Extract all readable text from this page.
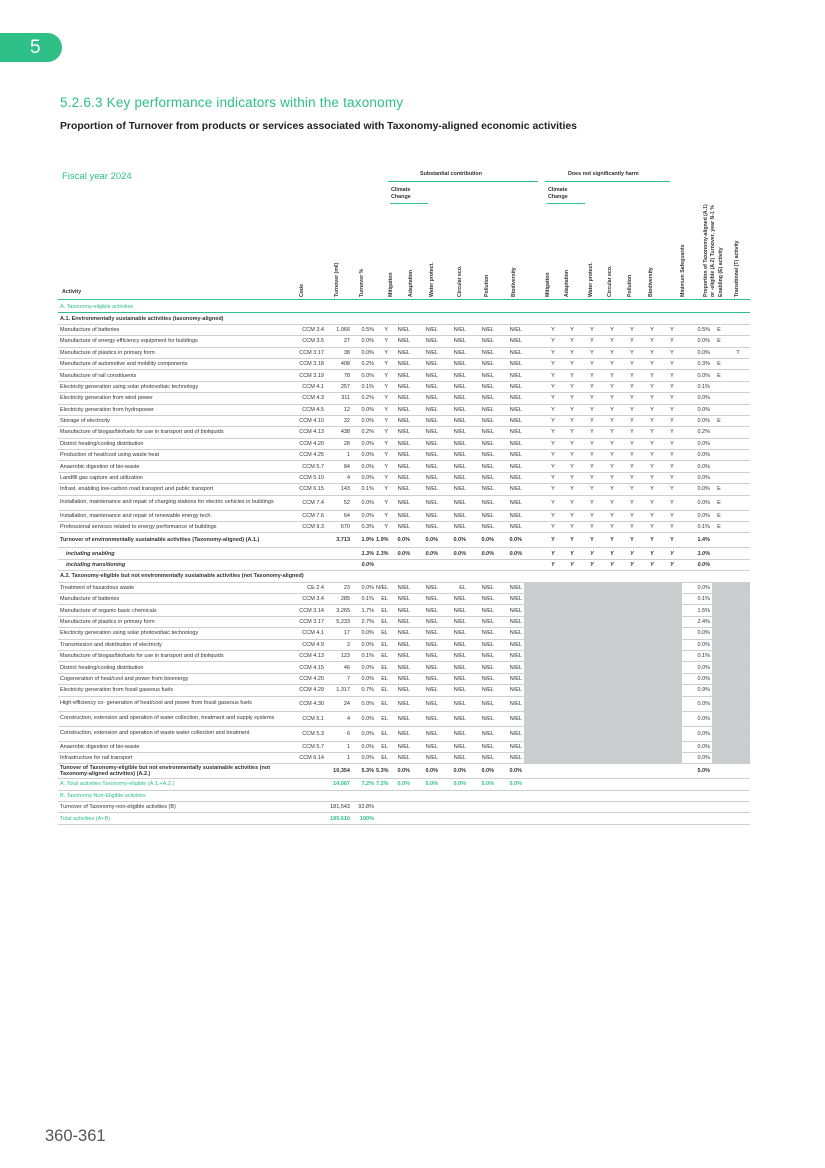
5
5.2.6.3 Key performance indicators within the taxonomy
Proportion of Turnover from products or services associated with Taxonomy-aligned economic activities
Fiscal year 2024	Substantial contribution	Does not significantly harm
Climate
Change
Climate
Change
Activity	Code	Turnover (m€)	Turnover %	Mitigation	Adaptation	Water protect.	Circular eco.	Pollution	Biodiversity	Mitigation	Adaptation	Water protect.	Circular eco.	Pollution	Biodiversity	Minimum Safeguards	Proportion of Taxonomy-aligned (A.1) or -eligible (A.2) Turnover, year N-1 % Enabling (E) activity Transitional (T) activity
A. Taxonomy-eligible activities																				
A.1. Environmentally sustainable activities (taxonomy-aligned)																				
Manufacture of batteries	CCM 3.4	1,066	0.5%	Y	N/EL	N/EL	N/EL	N/EL	N/EL		Y	Y	Y	Y	Y	Y	Y	0.5%	E	
Manufacture of energy efficiency equipment for buildings	CCM 3.5	27	0.0%	Y	N/EL	N/EL	N/EL	N/EL	N/EL		Y	Y	Y	Y	Y	Y	Y	0.0%	E	
Manufacture of plastics in primary form	CCM 3.17	38	0.0%	Y	N/EL	N/EL	N/EL	N/EL	N/EL		Y	Y	Y	Y	Y	Y	Y	0.0%		T
Manufacture of automotive and mobility components	CCM 3.18	408	0.2%	Y	N/EL	N/EL	N/EL	N/EL	N/EL		Y	Y	Y	Y	Y	Y	Y	0.3%	E	
Manufacture of rail constituents	CCM 3.19	78	0.0%	Y	N/EL	N/EL	N/EL	N/EL	N/EL		Y	Y	Y	Y	Y	Y	Y	0.0%	E	
Electricity generation using solar photovoltaic technology	CCM 4.1	257	0.1%	Y	N/EL	N/EL	N/EL	N/EL	N/EL		Y	Y	Y	Y	Y	Y	Y	0.1%		
Electricity generation from wind power	CCM 4.3	311	0.2%	Y	N/EL	N/EL	N/EL	N/EL	N/EL		Y	Y	Y	Y	Y	Y	Y	0.0%		
Electricity generation from hydropower	CCM 4.5	12	0.0%	Y	N/EL	N/EL	N/EL	N/EL	N/EL		Y	Y	Y	Y	Y	Y	Y	0.0%		
Storage of electricity	CCM 4.10	32	0.0%	Y	N/EL	N/EL	N/EL	N/EL	N/EL		Y	Y	Y	Y	Y	Y	Y	0.0%	E	
Manufacture of biogas/biofuels for use in transport and of bioliquids	CCM 4.13	438	0.2%	Y	N/EL	N/EL	N/EL	N/EL	N/EL		Y	Y	Y	Y	Y	Y	Y	0.2%		
District heating/cooling distribution	CCM 4.20	28	0.0%	Y	N/EL	N/EL	N/EL	N/EL	N/EL		Y	Y	Y	Y	Y	Y	Y	0.0%		
Production of heat/cool using waste heat	CCM 4.25	1	0.0%	Y	N/EL	N/EL	N/EL	N/EL	N/EL		Y	Y	Y	Y	Y	Y	Y	0.0%		
Anaerobic digestion of bio-waste	CCM 5.7	84	0.0%	Y	N/EL	N/EL	N/EL	N/EL	N/EL		Y	Y	Y	Y	Y	Y	Y	0.0%		
Landfill gas capture and utilization	CCM 5.10	4	0.0%	Y	N/EL	N/EL	N/EL	N/EL	N/EL		Y	Y	Y	Y	Y	Y	Y	0.0%		
Infrast. enabling low-carbon road transport and public transport	CCM 6.15	143	0.1%	Y	N/EL	N/EL	N/EL	N/EL	N/EL		Y	Y	Y	Y	Y	Y	Y	0.0%	E	
Installation, maintenance and repair of charging stations for electric vehicles in buildings	CCM 7.4	52	0.0%	Y	N/EL	N/EL	N/EL	N/EL	N/EL		Y	Y	Y	Y	Y	Y	Y	0.0%	E	
Installation, maintenance and repair of renewable energy tech.	CCM 7.6	64	0.0%	Y	N/EL	N/EL	N/EL	N/EL	N/EL		Y	Y	Y	Y	Y	Y	Y	0.0%	E	
Professional services related to energy performance of buildings	CCM 9.3	670	0.3%	Y	N/EL	N/EL	N/EL	N/EL	N/EL		Y	Y	Y	Y	Y	Y	Y	0.1%	E	
Turnover of environmentally sustainable activities (Taxonomy-aligned) (A.1.)		3,713	1.9%	1.9%	0.0%	0.0%	0.0%	0.0%	0.0%		Y	Y	Y	Y	Y	Y	Y	1.4%		
including enabling			1.3%	1.3%	0.0%	0.0%	0.0%	0.0%	0.0%		Y	Y	Y	Y	Y	Y	Y	1.0%		
including transitioning			0.0%								Y	Y	Y	Y	Y	Y	Y	0.0%		
A.2. Taxonomy-eligible but not environmentally sustainable activities (not Taxonomy-aligned)																				
Treatment of hazardous waste	CE 2.4	23	0.0%	N/EL	N/EL	N/EL	EL	N/EL	N/EL									0.0%		
Manufacture of batteries	CCM 3.4	285	0.1%	EL	N/EL	N/EL	N/EL	N/EL	N/EL									0.1%		
Manufacture of organic basic chemicals	CCM 3.14	3,265	1.7%	EL	N/EL	N/EL	N/EL	N/EL	N/EL									1.5%		
Manufacture of plastics in primary form	CCM 3.17	5,233	2.7%	EL	N/EL	N/EL	N/EL	N/EL	N/EL									2.4%		
Electricity generation using solar photovoltaic technology	CCM 4.1	17	0.0%	EL	N/EL	N/EL	N/EL	N/EL	N/EL									0.0%		
Transmission and distribution of electricity	CCM 4.9	2	0.0%	EL	N/EL	N/EL	N/EL	N/EL	N/EL									0.0%		
Manufacture of biogas/biofuels for use in transport and of bioliquids	CCM 4.13	123	0.1%	EL	N/EL	N/EL	N/EL	N/EL	N/EL									0.1%		
District heating/cooling distribution	CCM 4.15	46	0.0%	EL	N/EL	N/EL	N/EL	N/EL	N/EL									0.0%		
Cogeneration of heat/cool and power from bioenergy	CCM 4.20	7	0.0%	EL	N/EL	N/EL	N/EL	N/EL	N/EL									0.0%		
Electricity generation from fossil gaseous fuels	CCM 4.29	1,317	0.7%	EL	N/EL	N/EL	N/EL	N/EL	N/EL									0.9%		
High-efficiency co- generation of heat/cool and power from fossil gaseous fuels	CCM 4.30	24	0.0%	EL	N/EL	N/EL	N/EL	N/EL	N/EL									0.0%		
Construction, extension and operation of water collection, treatment and supply systems	CCM 5.1	4	0.0%	EL	N/EL	N/EL	N/EL	N/EL	N/EL									0.0%		
Construction, extension and operation of waste water collection and treatment	CCM 5.3	6	0.0%	EL	N/EL	N/EL	N/EL	N/EL	N/EL									0.0%		
Anaerobic digestion of bio-waste	CCM 5.7	1	0.0%	EL	N/EL	N/EL	N/EL	N/EL	N/EL									0.0%		
Infrastructure for rail transport	CCM 6.14	1	0.0%	EL	N/EL	N/EL	N/EL	N/EL	N/EL									0.0%		
Tunover of Taxonomy-eligible but not environmentally sustainable activities (not Taxonomy-aligned activities) (A.2.)		10,354	5.3%	5.3%	0.0%	0.0%	0.0%	0.0%	0.0%									5.0%		
A. Total activities Taxonomy-eligible (A.1.+A.2.)		14,067	7.2%	7.2%	0.0%	0.0%	0.0%	0.0%	0.0%											
B. Taxonomy-Non-Eligible activities																				
Turnover of Taxonomy-non-eligible activities (B)		181,543	92.8%																	
Total activities (A+B)		195,610	100%																	
360-361
